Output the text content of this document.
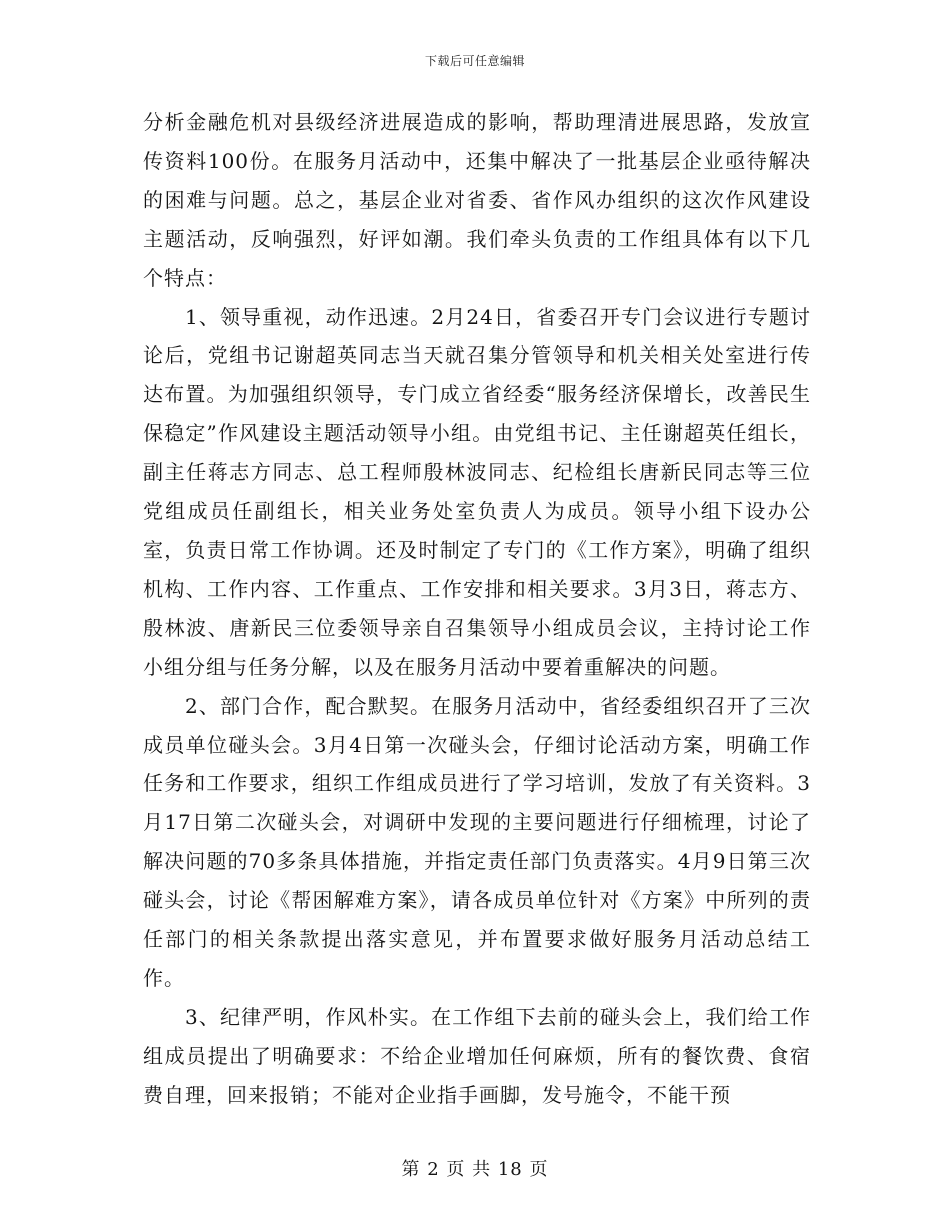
下载后可任意编辑

分析金融危机对县级经济进展造成的影响，帮助理清进展思路，发放宣传资料100份。在服务月活动中，还集中解决了一批基层企业亟待解决的困难与问题。总之，基层企业对省委、省作风办组织的这次作风建设主题活动，反响强烈，好评如潮。我们牵头负责的工作组具体有以下几个特点：

1、领导重视，动作迅速。2月24日，省委召开专门会议进行专题讨论后，党组书记谢超英同志当天就召集分管领导和机关相关处室进行传达布置。为加强组织领导，专门成立省经委“服务经济保增长，改善民生保稳定”作风建设主题活动领导小组。由党组书记、主任谢超英任组长，副主任蒋志方同志、总工程师殷林波同志、纪检组长唐新民同志等三位党组成员任副组长，相关业务处室负责人为成员。领导小组下设办公室，负责日常工作协调。还及时制定了专门的《工作方案》，明确了组织机构、工作内容、工作重点、工作安排和相关要求。3月3日，蒋志方、殷林波、唐新民三位委领导亲自召集领导小组成员会议，主持讨论工作小组分组与任务分解，以及在服务月活动中要着重解决的问题。

2、部门合作，配合默契。在服务月活动中，省经委组织召开了三次成员单位碰头会。3月4日第一次碰头会，仔细讨论活动方案，明确工作任务和工作要求，组织工作组成员进行了学习培训，发放了有关资料。3月17日第二次碰头会，对调研中发现的主要问题进行仔细梳理，讨论了解决问题的70多条具体措施，并指定责任部门负责落实。4月9日第三次碰头会，讨论《帮困解难方案》，请各成员单位针对《方案》中所列的责任部门的相关条款提出落实意见，并布置要求做好服务月活动总结工作。

3、纪律严明，作风朴实。在工作组下去前的碰头会上，我们给工作组成员提出了明确要求：不给企业增加任何麻烦，所有的餐饮费、食宿费自理，回来报销；不能对企业指手画脚，发号施令，不能干预

第 2 页 共 18 页
